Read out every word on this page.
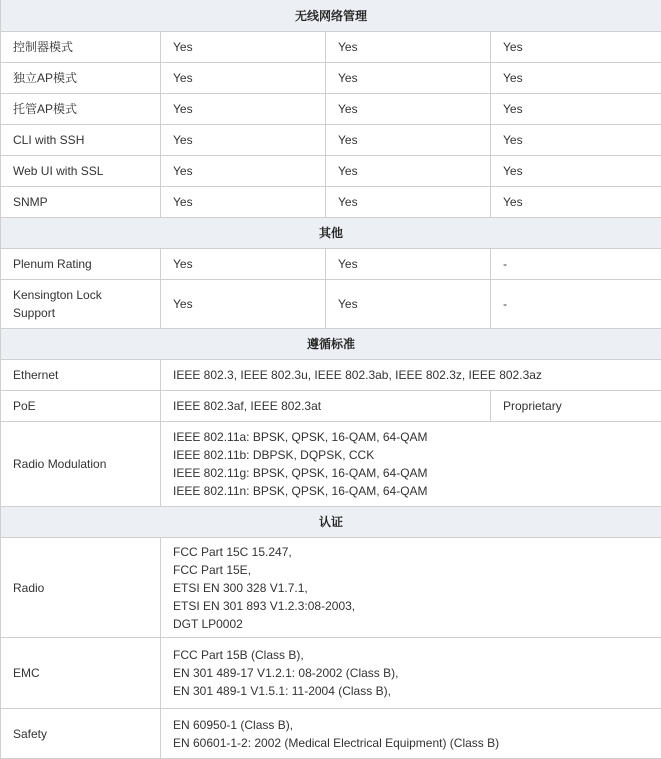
无线网络管理			
控制器模式	Yes	Yes	Yes
独立AP模式	Yes	Yes	Yes
托管AP模式	Yes	Yes	Yes
CLI with SSH	Yes	Yes	Yes
Web UI with SSL	Yes	Yes	Yes
SNMP	Yes	Yes	Yes
其他			
Plenum Rating	Yes	Yes	-

Kensington Lock
Support	Yes	Yes	-
遵循标准			
Ethernet	IEEE 802.3, IEEE 802.3u, IEEE 802.3ab, IEEE 802.3z, IEEE 802.3az		
PoE	IEEE 802.3af, IEEE 802.3at		Proprietary
Radio Modulation	IEEE 802.11a: BPSK, QPSK, 16-QAM, 64-QAM
IEEE 802.11b: DBPSK, DQPSK, CCK
IEEE 802.11g: BPSK, QPSK, 16-QAM, 64-QAM
IEEE 802.11n: BPSK, QPSK, 16-QAM, 64-QAM		

认证			
Radio	FCC Part 15C 15.247,
FCC Part 15E,
ETSI EN 300 328 V1.7.1,
ETSI EN 301 893 V1.2.3:08-2003,
DGT LP0002		

EMC	FCC Part 15B (Class B),
EN 301 489-17 V1.2.1: 08-2002 (Class B),
EN 301 489-1 V1.5.1: 11-2004 (Class B),		

Safety	EN 60950-1 (Class B),
EN 60601-1-2: 2002 (Medical Electrical Equipment) (Class B)		
